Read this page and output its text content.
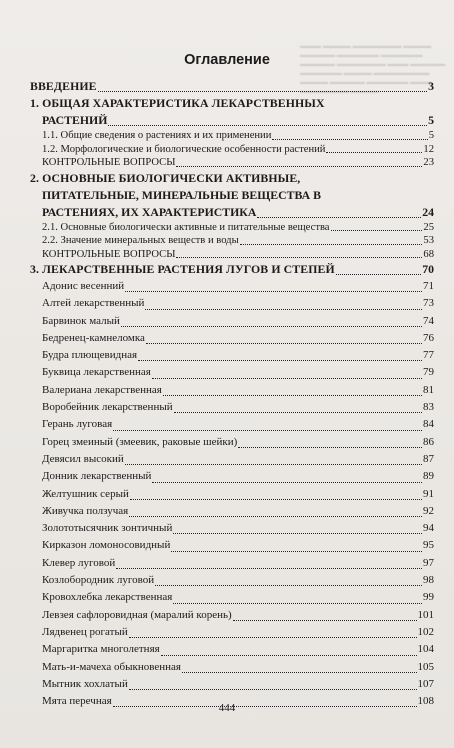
▬▬▬ ▬▬▬▬ ▬▬▬▬▬▬▬ ▬▬▬▬ ▬▬▬▬▬ ▬▬▬▬▬▬ ▬▬▬▬▬▬ ▬▬▬▬▬ ▬▬▬▬▬▬▬ ▬▬▬ ▬▬▬▬▬ ▬▬▬▬▬▬ ▬▬▬▬ ▬▬▬▬▬▬▬▬ ▬▬▬▬ ▬▬▬▬▬ ▬▬▬▬▬▬ ▬▬▬ ▬▬▬▬▬▬▬ ▬▬▬▬
Оглавление
ВВЕДЕНИЕ	3
1. ОБЩАЯ ХАРАКТЕРИСТИКА ЛЕКАРСТВЕННЫХ
РАСТЕНИЙ	5
1.1. Общие сведения о растениях и их применении	5
1.2. Морфологические и биологические особенности растений	12
КОНТРОЛЬНЫЕ ВОПРОСЫ	23
2. ОСНОВНЫЕ БИОЛОГИЧЕСКИ АКТИВНЫЕ,
ПИТАТЕЛЬНЫЕ, МИНЕРАЛЬНЫЕ ВЕЩЕСТВА В
РАСТЕНИЯХ, ИХ ХАРАКТЕРИСТИКА	24
2.1. Основные биологически активные и питательные вещества	25
2.2. Значение минеральных веществ и воды	53
КОНТРОЛЬНЫЕ ВОПРОСЫ	68
3. ЛЕКАРСТВЕННЫЕ РАСТЕНИЯ ЛУГОВ И СТЕПЕЙ	70
Адонис весенний	71
Алтей лекарственный	73
Барвинок малый	74
Бедренец-камнеломка	76
Будра плющевидная	77
Буквица лекарственная	79
Валериана лекарственная	81
Воробейник лекарственный	83
Герань луговая	84
Горец змеиный (змеевик, раковые шейки)	86
Девясил высокий	87
Донник лекарственный	89
Желтушник серый	91
Живучка ползучая	92
Золототысячник зонтичный	94
Кирказон ломоносовидный	95
Клевер луговой	97
Козлобородник луговой	98
Кровохлебка лекарственная	99
Левзея сафлоровидная (маралий корень)	101
Лядвенец рогатый	102
Маргаритка многолетняя	104
Мать-и-мачеха обыкновенная	105
Мытник хохлатый	107
Мята перечная	108
444
